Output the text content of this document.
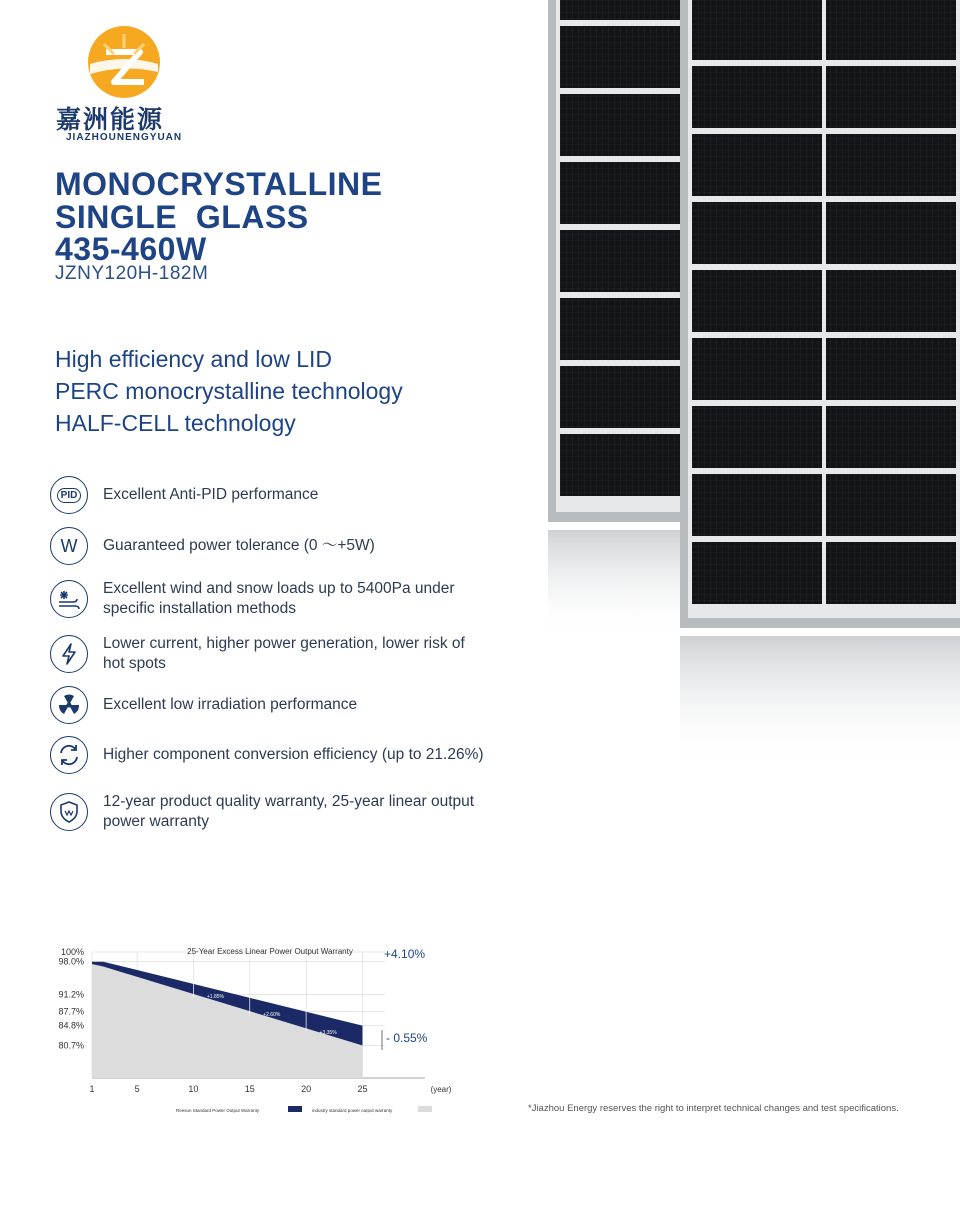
嘉洲能源
JIAZHOUNENGYUAN
MONOCRYSTALLINE
SINGLE  GLASS
435-460W
JZNY120H-182M
High efficiency and low LID
PERC monocrystalline technology
HALF-CELL technology
PID Excellent Anti-PID performance
W Guaranteed power tolerance (0 〜+5W)
Excellent wind and snow loads up to 5400Pa under
specific installation methods
Lower current, higher power generation, lower risk of
hot spots
Excellent low irradiation performance
Higher component conversion efficiency (up to 21.26%)
12-year product quality warranty, 25-year linear output
power warranty
100%
98.0%
91.2%
87.7%
84.8%
80.7%
1	5	10	15	20	25	(year)
+1.85%
+2.60%
+3.35%
25-Year Excess Linear Power Output Warranty	+4.10%
- 0.55%
Reesun Standard Power Output Warranty	industry standard power output warranty	*Jiazhou Energy reserves the right to interpret technical changes and test specifications.
